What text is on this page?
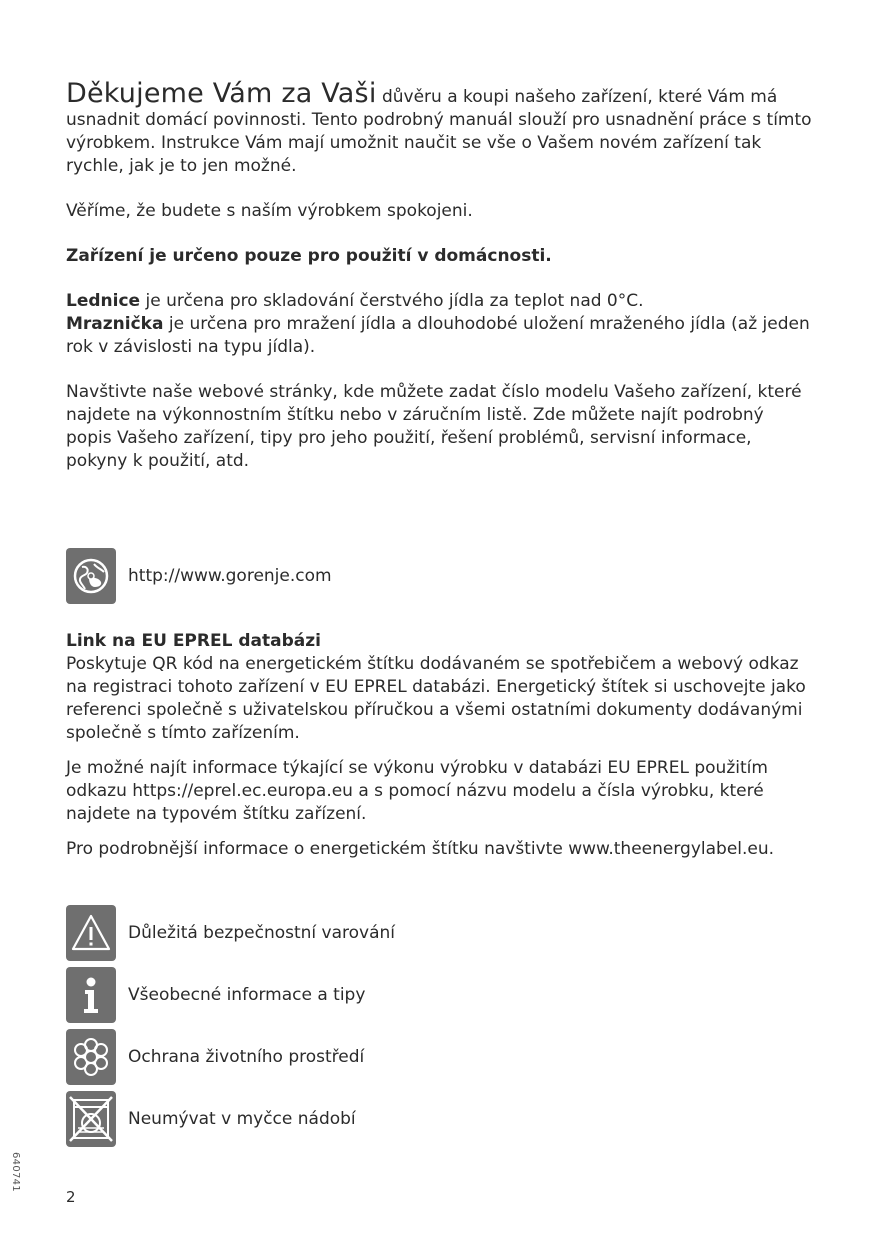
Děkujeme Vám za Vaši důvěru a koupi našeho zařízení, které Vám má usnadnit domácí povinnosti. Tento podrobný manuál slouží pro usnadnění práce s tímto výrobkem. Instrukce Vám mají umožnit naučit se vše o Vašem novém zařízení tak rychle, jak je to jen možné.

Věříme, že budete s naším výrobkem spokojeni.

Zařízení je určeno pouze pro použití v domácnosti.

Lednice je určena pro skladování čerstvého jídla za teplot nad 0°C.

Mraznička je určena pro mražení jídla a dlouhodobé uložení mraženého jídla (až jeden rok v závislosti na typu jídla).

Navštivte naše webové stránky, kde můžete zadat číslo modelu Vašeho zařízení, které najdete na výkonnostním štítku nebo v záručním listě. Zde můžete najít podrobný popis Vašeho zařízení, tipy pro jeho použití, řešení problémů, servisní informace, pokyny k použití, atd.

http://www.gorenje.com

Link na EU EPREL databázi

Poskytuje QR kód na energetickém štítku dodávaném se spotřebičem a webový odkaz na registraci tohoto zařízení v EU EPREL databázi. Energetický štítek si uschovejte jako referenci společně s uživatelskou příručkou a všemi ostatními dokumenty dodávanými společně s tímto zařízením.

Je možné najít informace týkající se výkonu výrobku v databázi EU EPREL použitím odkazu https://eprel.ec.europa.eu a s pomocí názvu modelu a čísla výrobku, které najdete na typovém štítku zařízení.

Pro podrobnější informace o energetickém štítku navštivte www.theenergylabel.eu.

Důležitá bezpečnostní varování
Všeobecné informace a tipy
Ochrana životního prostředí
Neumývat v myčce nádobí
640741
2
